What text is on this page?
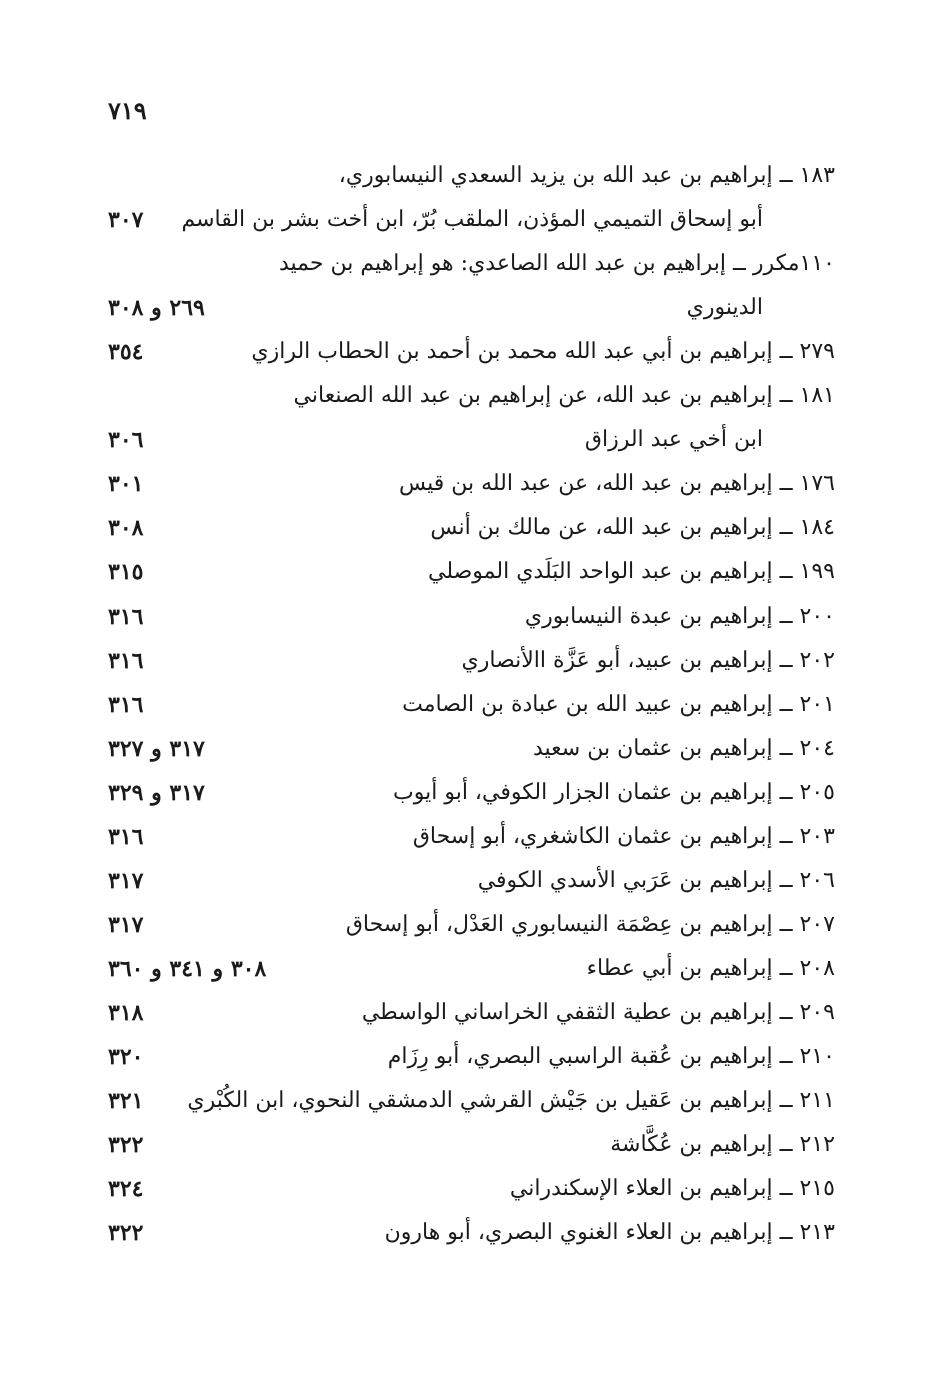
٧١٩
١٨٣ ــ إبراهيم بن عبد الله بن يزيد السعدي النيسابوري،
أبو إسحاق التميمي المؤذن، الملقب بُرّ، ابن أخت بشر بن القاسم
٣٠٧
١١٠مكرر ــ إبراهيم بن عبد الله الصاعدي: هو إبراهيم بن حميد
الدينوري
٢٦٩ و ٣٠٨
٢٧٩ ــ إبراهيم بن أبي عبد الله محمد بن أحمد بن الحطاب الرازي
٣٥٤
١٨١ ــ إبراهيم بن عبد الله، عن إبراهيم بن عبد الله الصنعاني
ابن أخي عبد الرزاق
٣٠٦
١٧٦ ــ إبراهيم بن عبد الله، عن عبد الله بن قيس
٣٠١
١٨٤ ــ إبراهيم بن عبد الله، عن مالك بن أنس
٣٠٨
١٩٩ ــ إبراهيم بن عبد الواحد البَلَدي الموصلي
٣١٥
٢٠٠ ــ إبراهيم بن عبدة النيسابوري
٣١٦
٢٠٢ ــ إبراهيم بن عبيد، أبو عَزَّة االأنصاري
٣١٦
٢٠١ ــ إبراهيم بن عبيد الله بن عبادة بن الصامت
٣١٦
٢٠٤ ــ إبراهيم بن عثمان بن سعيد
٣١٧ و ٣٢٧
٢٠٥ ــ إبراهيم بن عثمان الجزار الكوفي، أبو أيوب
٣١٧ و ٣٢٩
٢٠٣ ــ إبراهيم بن عثمان الكاشغري، أبو إسحاق
٣١٦
٢٠٦ ــ إبراهيم بن عَرَبي الأسدي الكوفي
٣١٧
٢٠٧ ــ إبراهيم بن عِصْمَة النيسابوري العَدْل، أبو إسحاق
٣١٧
٢٠٨ ــ إبراهيم بن أبي عطاء
٣٠٨ و ٣٤١ و ٣٦٠
٢٠٩ ــ إبراهيم بن عطية الثقفي الخراساني الواسطي
٣١٨
٢١٠ ــ إبراهيم بن عُقبة الراسبي البصري، أبو رِزَام
٣٢٠
٢١١ ــ إبراهيم بن عَقيل بن جَيْش القرشي الدمشقي النحوي، ابن الكُبْري
٣٢١
٢١٢ ــ إبراهيم بن عُكَّاشة
٣٢٢
٢١٥ ــ إبراهيم بن العلاء الإسكندراني
٣٢٤
٢١٣ ــ إبراهيم بن العلاء الغنوي البصري، أبو هارون
٣٢٢
